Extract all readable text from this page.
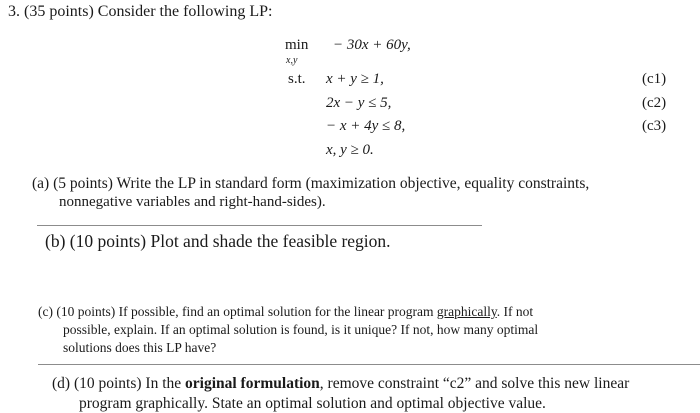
3. (35 points) Consider the following LP:
min
x,y
− 30x + 60y,
s.t. x + y ≥ 1,	(c1)
2x − y ≤ 5,	(c2)
− x + 4y ≤ 8,	(c3)
x, y ≥ 0.
(a) (5 points) Write the LP in standard form (maximization objective, equality constraints,
nonnegative variables and right-hand-sides).
(b) (10 points) Plot and shade the feasible region.
(c) (10 points) If possible, find an optimal solution for the linear program graphically. If not
possible, explain. If an optimal solution is found, is it unique? If not, how many optimal
solutions does this LP have?
(d) (10 points) In the original formulation, remove constraint “c2” and solve this new linear
program graphically. State an optimal solution and optimal objective value.
